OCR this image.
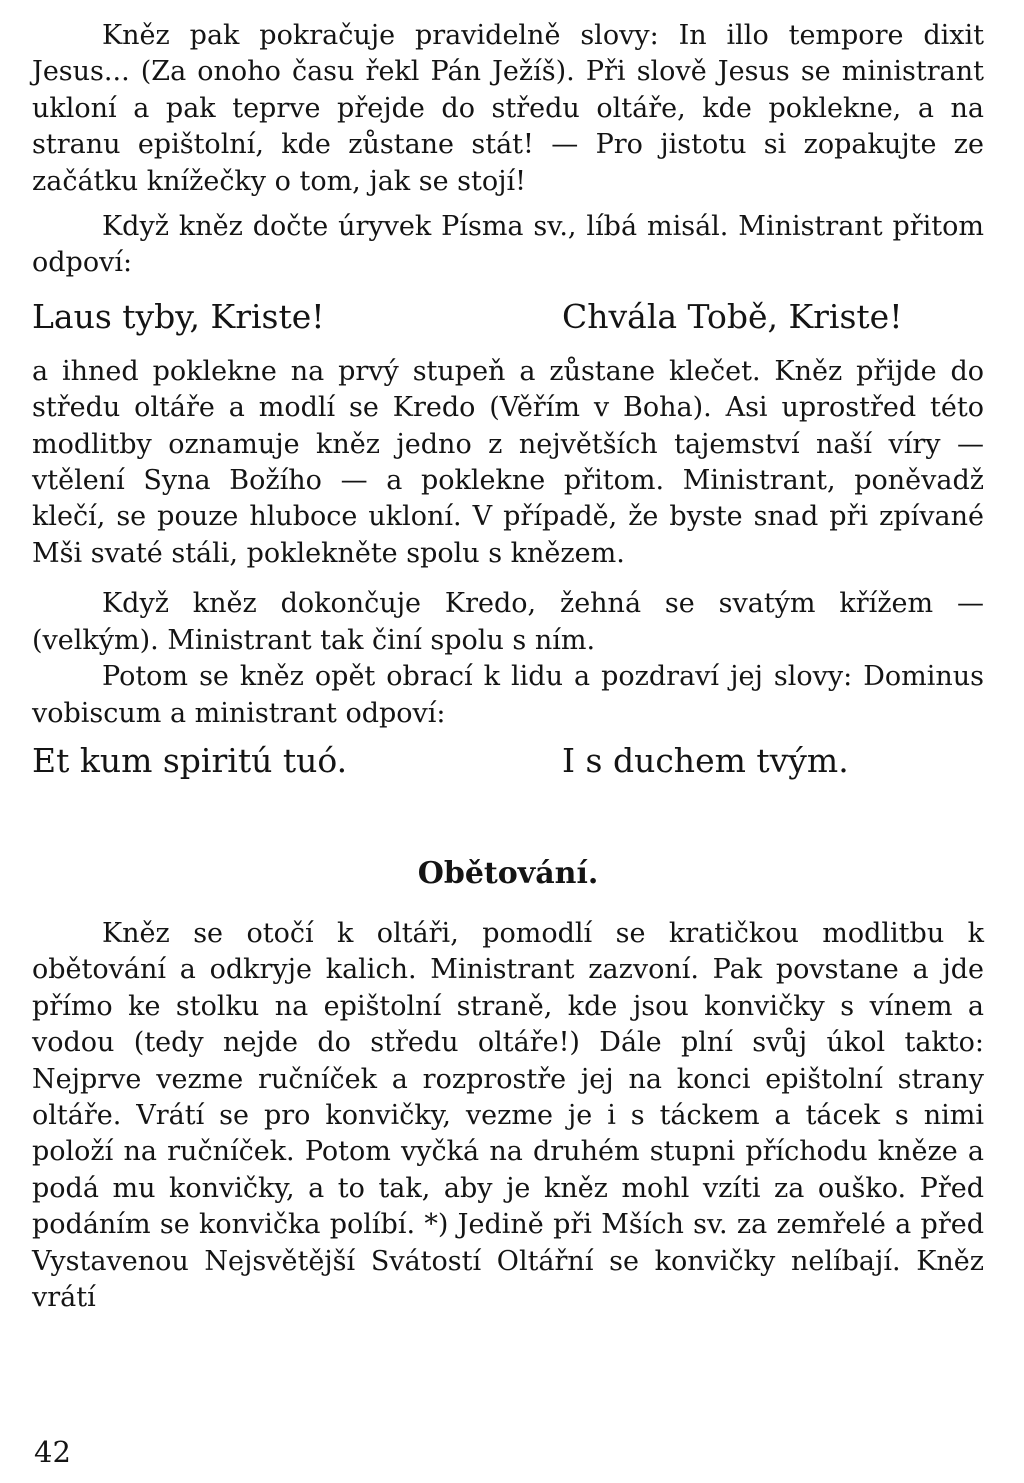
Kněz pak pokračuje pravidelně slovy: In illo tempore dixit Jesus... (Za onoho času řekl Pán Ježíš). Při slově Jesus se ministrant ukloní a pak teprve přejde do středu oltáře, kde poklekne, a na stranu epištolní, kde zůstane stát! — Pro jistotu si zopakujte ze začátku knížečky o tom, jak se stojí!

Když kněz dočte úryvek Písma sv., líbá misál. Ministrant přitom odpoví:

Laus tyby, Kriste!	Chvála Tobě, Kriste!

a ihned poklekne na prvý stupeň a zůstane klečet. Kněz přijde do středu oltáře a modlí se Kredo (Věřím v Boha). Asi uprostřed této modlitby oznamuje kněz jedno z největších tajemství naší víry — vtělení Syna Božího — a poklekne přitom. Ministrant, poněvadž klečí, se pouze hluboce ukloní. V případě, že byste snad při zpívané Mši svaté stáli, poklekněte spolu s knězem.

Když kněz dokončuje Kredo, žehná se svatým křížem — (velkým). Ministrant tak činí spolu s ním.

Potom se kněz opět obrací k lidu a pozdraví jej slovy: Dominus vobiscum a ministrant odpoví:

Et kum spiritú tuó.	I s duchem tvým.
Obětování.

Kněz se otočí k oltáři, pomodlí se kratičkou modlitbu k obětování a odkryje kalich. Ministrant zazvoní. Pak povstane a jde přímo ke stolku na epištolní straně, kde jsou konvičky s vínem a vodou (tedy nejde do středu oltáře!) Dále plní svůj úkol takto: Nejprve vezme ručníček a rozprostře jej na konci epištolní strany oltáře. Vrátí se pro konvičky, vezme je i s táckem a tácek s nimi položí na ručníček. Potom vyčká na druhém stupni příchodu kněze a podá mu konvičky, a to tak, aby je kněz mohl vzíti za ouško. Před podáním se konvička políbí. *) Jedině při Mších sv. za zemřelé a před Vystavenou Nejsvětější Svátostí Oltářní se konvičky nelíbají. Kněz vrátí

42
